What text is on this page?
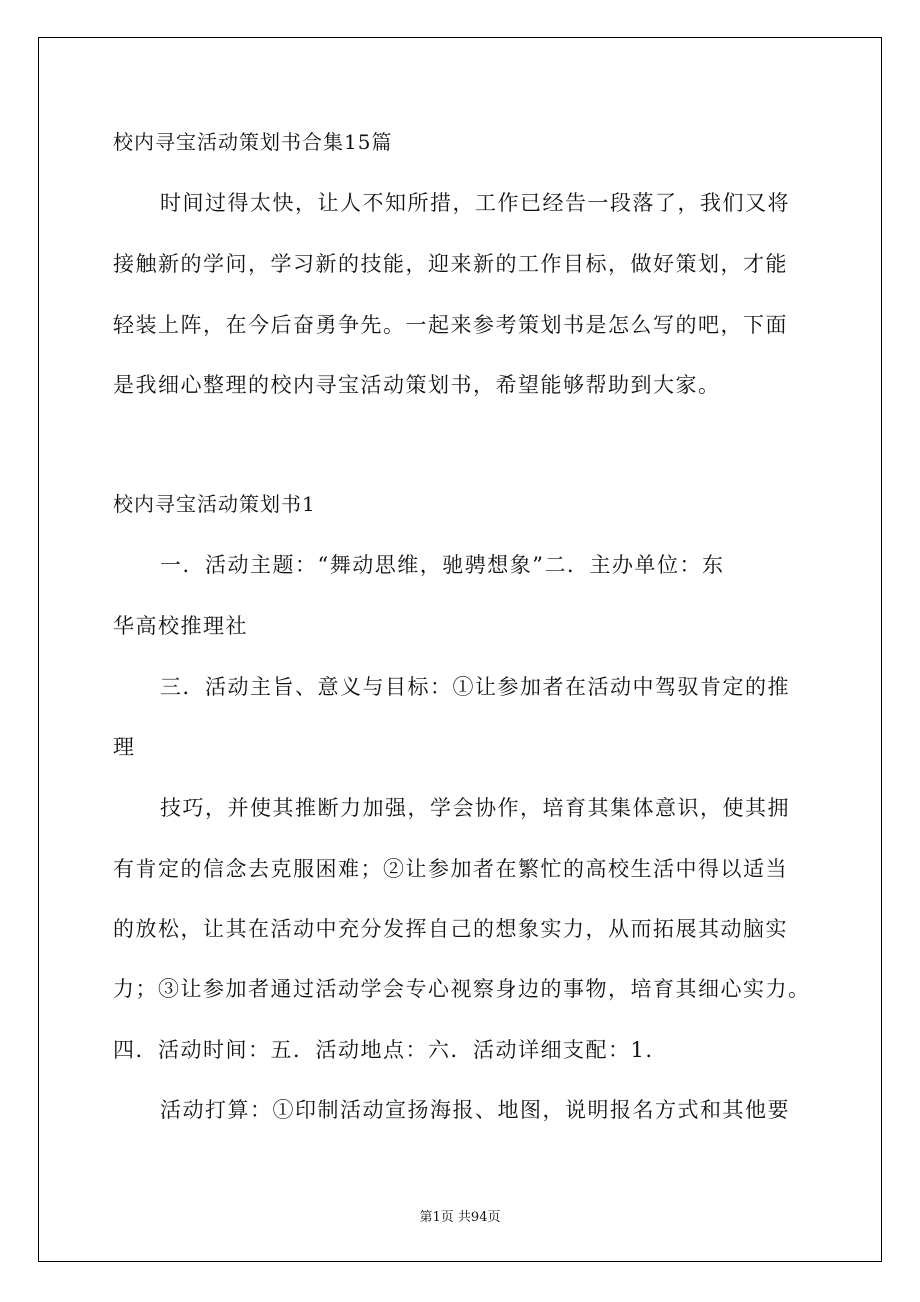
校内寻宝活动策划书合集15篇

时间过得太快，让人不知所措，工作已经告一段落了，我们又将

接触新的学问，学习新的技能，迎来新的工作目标，做好策划，才能

轻装上阵，在今后奋勇争先。一起来参考策划书是怎么写的吧，下面

是我细心整理的校内寻宝活动策划书，希望能够帮助到大家。

校内寻宝活动策划书1

一．活动主题：“舞动思维，驰骋想象”二．主办单位：东

华高校推理社

三．活动主旨、意义与目标：①让参加者在活动中驾驭肯定的推

理

技巧，并使其推断力加强，学会协作，培育其集体意识，使其拥

有肯定的信念去克服困难；②让参加者在繁忙的高校生活中得以适当

的放松，让其在活动中充分发挥自己的想象实力，从而拓展其动脑实

力；③让参加者通过活动学会专心视察身边的事物，培育其细心实力。

四．活动时间：五．活动地点：六．活动详细支配：1.

活动打算：①印制活动宣扬海报、地图，说明报名方式和其他要

第1页 共94页
